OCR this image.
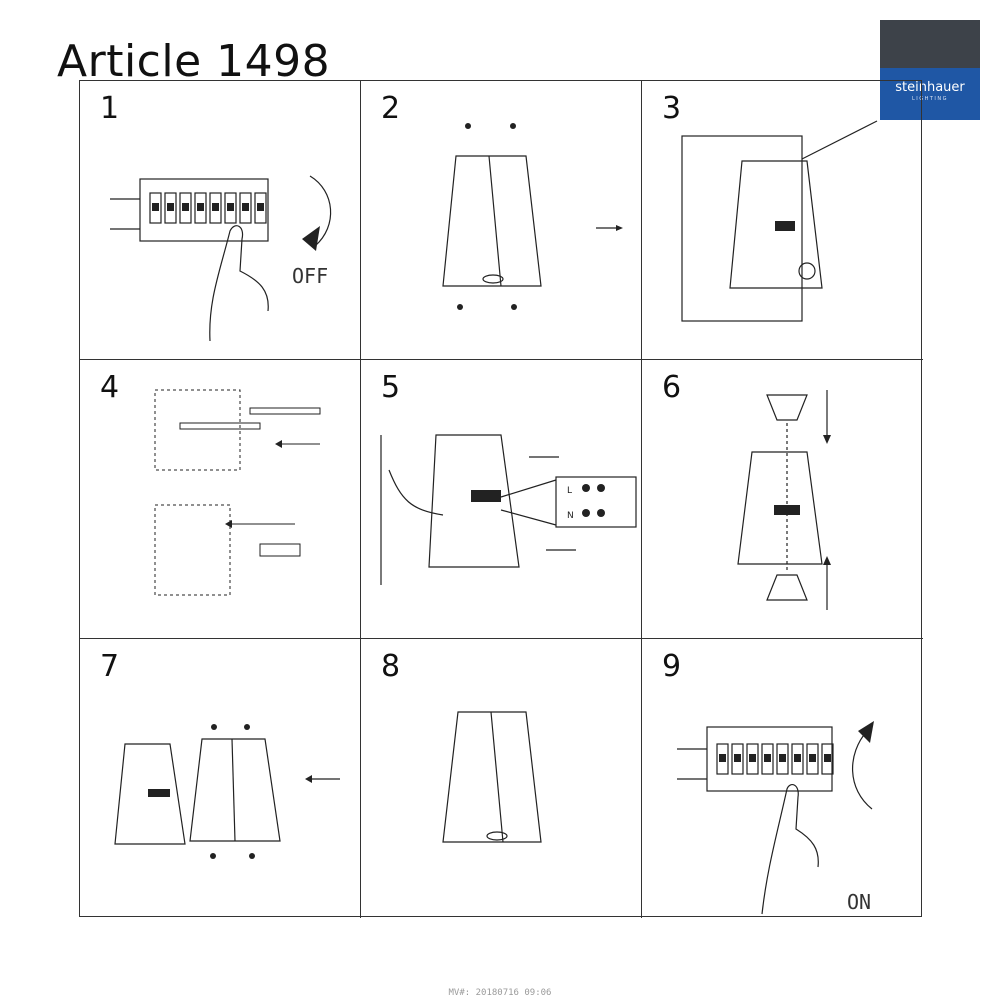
Article 1498
steinhauer
LIGHTING
OFF
1	2	3
4
L
N
5	6
7	8
ON
9
MV#: 20180716 09:06
